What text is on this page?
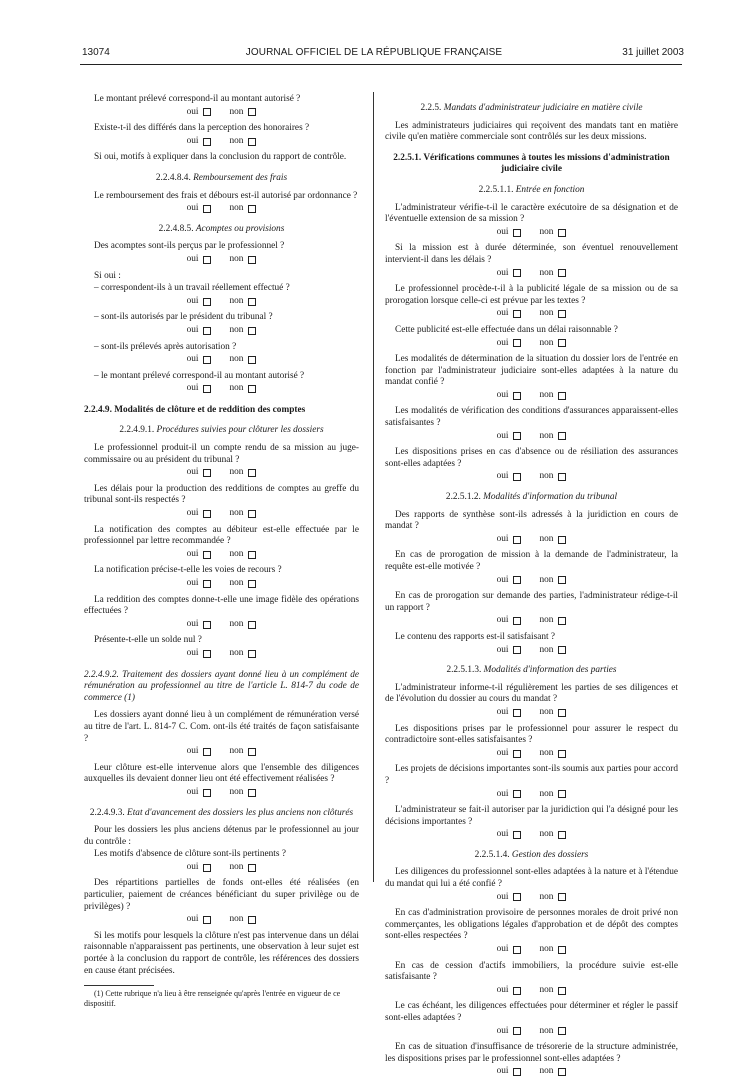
13074	JOURNAL OFFICIEL DE LA RÉPUBLIQUE FRANÇAISE	31 juillet 2003

Le montant prélevé correspond-il au montant autorisé ?

oui	non

Existe-t-il des différés dans la perception des honoraires ?

oui	non

Si oui, motifs à expliquer dans la conclusion du rapport de contrôle.

2.2.4.8.4. Remboursement des frais

Le remboursement des frais et débours est-il autorisé par ordonnance ?

oui	non
2.2.4.8.5. Acomptes ou provisions

Des acomptes sont-ils perçus par le professionnel ?

oui	non

Si oui :

– correspondent-ils à un travail réellement effectué ?

oui	non

– sont-ils autorisés par le président du tribunal ?

oui	non

– sont-ils prélevés après autorisation ?

oui	non

– le montant prélevé correspond-il au montant autorisé ?

oui	non
2.2.4.9. Modalités de clôture et de reddition des comptes
2.2.4.9.1. Procédures suivies pour clôturer les dossiers

Le professionnel produit-il un compte rendu de sa mission au juge-commissaire ou au président du tribunal ?

oui	non

Les délais pour la production des redditions de comptes au greffe du tribunal sont-ils respectés ?

oui	non

La notification des comptes au débiteur est-elle effectuée par le professionnel par lettre recommandée ?

oui	non

La notification précise-t-elle les voies de recours ?

oui	non

La reddition des comptes donne-t-elle une image fidèle des opérations effectuées ?

oui	non

Présente-t-elle un solde nul ?

oui	non
2.2.4.9.2. Traitement des dossiers ayant donné lieu à un complément de rémunération au professionnel au titre de l'article L. 814-7 du code de commerce (1)

Les dossiers ayant donné lieu à un complément de rémunération versé au titre de l'art. L. 814-7 C. Com. ont-ils été traités de façon satisfaisante ?

oui	non

Leur clôture est-elle intervenue alors que l'ensemble des diligences auxquelles ils devaient donner lieu ont été effectivement réalisées ?

oui	non
2.2.4.9.3. Etat d'avancement des dossiers les plus anciens non clôturés

Pour les dossiers les plus anciens détenus par le professionnel au jour du contrôle :

Les motifs d'absence de clôture sont-ils pertinents ?

oui	non

Des répartitions partielles de fonds ont-elles été réalisées (en particulier, paiement de créances bénéficiant du super privilège ou de privilèges) ?

oui	non

Si les motifs pour lesquels la clôture n'est pas intervenue dans un délai raisonnable n'apparaissent pas pertinents, une observation à leur sujet est portée à la conclusion du rapport de contrôle, les références des dossiers en cause étant précisées.

(1) Cette rubrique n'a lieu à être renseignée qu'après l'entrée en vigueur de ce dispositif.

2.2.5. Mandats d'administrateur judiciaire en matière civile

Les administrateurs judiciaires qui reçoivent des mandats tant en matière civile qu'en matière commerciale sont contrôlés sur les deux missions.

2.2.5.1. Vérifications communes à toutes les missions d'administration judiciaire civile
2.2.5.1.1. Entrée en fonction

L'administrateur vérifie-t-il le caractère exécutoire de sa désignation et de l'éventuelle extension de sa mission ?

oui	non

Si la mission est à durée déterminée, son éventuel renouvellement intervient-il dans les délais ?

oui	non

Le professionnel procède-t-il à la publicité légale de sa mission ou de sa prorogation lorsque celle-ci est prévue par les textes ?

oui	non

Cette publicité est-elle effectuée dans un délai raisonnable ?

oui	non

Les modalités de détermination de la situation du dossier lors de l'entrée en fonction par l'administrateur judiciaire sont-elles adaptées à la nature du mandat confié ?

oui	non

Les modalités de vérification des conditions d'assurances apparaissent-elles satisfaisantes ?

oui	non

Les dispositions prises en cas d'absence ou de résiliation des assurances sont-elles adaptées ?

oui	non
2.2.5.1.2. Modalités d'information du tribunal

Des rapports de synthèse sont-ils adressés à la juridiction en cours de mandat ?

oui	non

En cas de prorogation de mission à la demande de l'administrateur, la requête est-elle motivée ?

oui	non

En cas de prorogation sur demande des parties, l'administrateur rédige-t-il un rapport ?

oui	non

Le contenu des rapports est-il satisfaisant ?

oui	non
2.2.5.1.3. Modalités d'information des parties

L'administrateur informe-t-il régulièrement les parties de ses diligences et de l'évolution du dossier au cours du mandat ?

oui	non

Les dispositions prises par le professionnel pour assurer le respect du contradictoire sont-elles satisfaisantes ?

oui	non

Les projets de décisions importantes sont-ils soumis aux parties pour accord ?

oui	non

L'administrateur se fait-il autoriser par la juridiction qui l'a désigné pour les décisions importantes ?

oui	non
2.2.5.1.4. Gestion des dossiers

Les diligences du professionnel sont-elles adaptées à la nature et à l'étendue du mandat qui lui a été confié ?

oui	non

En cas d'administration provisoire de personnes morales de droit privé non commerçantes, les obligations légales d'approbation et de dépôt des comptes sont-elles respectées ?

oui	non

En cas de cession d'actifs immobiliers, la procédure suivie est-elle satisfaisante ?

oui	non

Le cas échéant, les diligences effectuées pour déterminer et régler le passif sont-elles adaptées ?

oui	non

En cas de situation d'insuffisance de trésorerie de la structure administrée, les dispositions prises par le professionnel sont-elles adaptées ?

oui	non
